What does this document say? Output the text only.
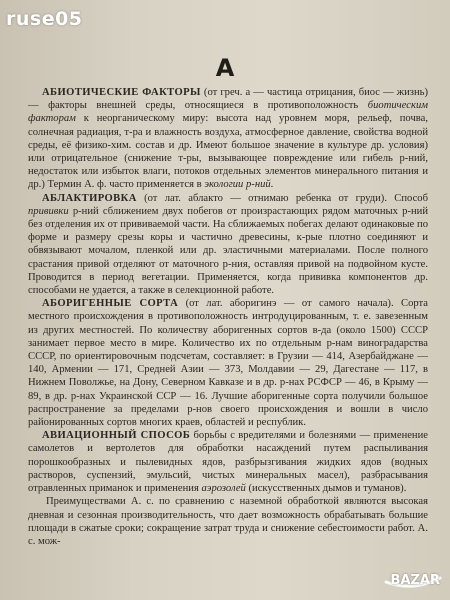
ruse05
А

АБИОТИЧЕСКИЕ ФАКТОРЫ (от греч. а — частица отрицания, биос — жизнь) — факторы внешней среды, относящиеся в противоположность биотическим факторам к неорганическому миру: высота над уровнем моря, рельеф, почва, солнечная радиация, т-ра и влажность воздуха, атмосферное давление, свойства водной среды, её физико-хим. состав и др. Имеют большое значение в культуре др. условия) или отрицательное (снижение т-ры, вызывающее повреждение или гибель р-ний, недостаток или избыток влаги, потоков отдельных элементов минерального питания и др.) Термин А. ф. часто применяется в экологии р-ний.

АБЛАКТИРОВКА (от лат. аблакто — отнимаю ребенка от груди). Способ прививки р-ний сближением двух побегов от произрастающих рядом маточных р-ний без отделения их от прививаемой части. На сближаемых побегах делают одинаковые по форме и размеру срезы коры и частично древесины, к-рые плотно соединяют и обвязывают мочалом, пленкой или др. эластичными материалами. После полного срастания привой отделяют от маточного р-ния, оставляя привой на подвойном кусте. Проводится в период вегетации. Применяется, когда прививка компонентов др. способами не удается, а также в селекционной работе.

АБОРИГЕННЫЕ СОРТА (от лат. аборигинэ — от самого начала). Сорта местного происхождения в противоположность интродуцированным, т. е. завезенным из других местностей. По количеству аборигенных сортов в-да (около 1500) СССР занимает первое место в мире. Количество их по отдельным р-нам виноградарства СССР, по ориентировочным подсчетам, составляет: в Грузии — 414, Азербайджане — 140, Армении — 171, Средней Азии — 373, Молдавии — 29, Дагестане — 117, в Нижнем Поволжье, на Дону, Северном Кавказе и в др. р-нах РСФСР — 46, в Крыму — 89, в др. р-нах Украинской ССР — 16. Лучшие аборигенные сорта получили большое распространение за пределами р-нов своего происхождения и вошли в число районированных сортов многих краев, областей и республик.

АВИАЦИОННЫЙ СПОСОБ борьбы с вредителями и болезнями — применение самолетов и вертолетов для обработки насаждений путем распыливания порошкообразных и пылевидных ядов, разбрызгивания жидких ядов (водных растворов, суспензий, эмульсий, чистых минеральных масел), разбрасывания отравленных приманок и применения аэрозолей (искусственных дымов и туманов).

Преимуществами А. с. по сравнению с наземной обработкой являются высокая дневная и сезонная производительность, что дает возможность обрабатывать большие площади в сжатые сроки; сокращение затрат труда и снижение себестоимости работ. А. с. мож-

BAZAR
